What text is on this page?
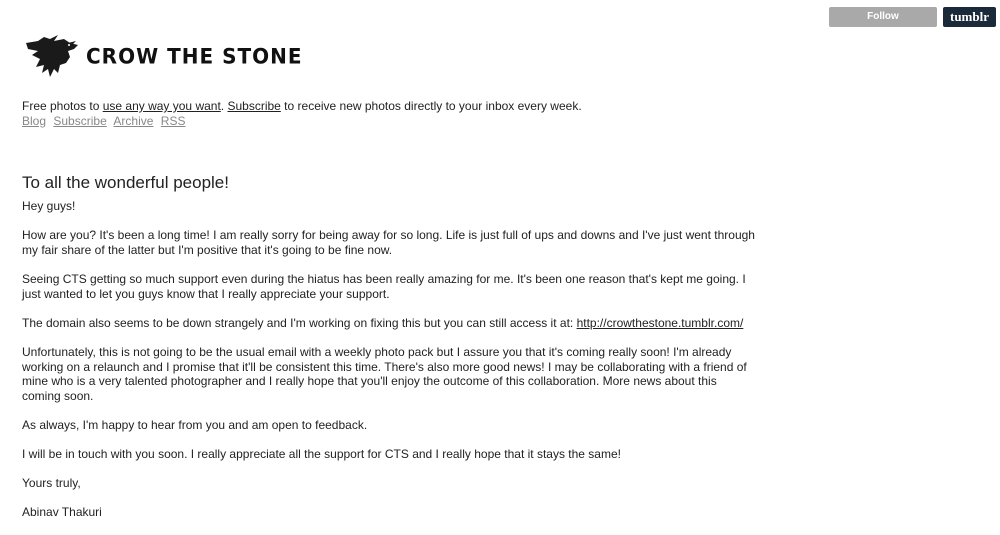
Follow crowthestone
tumblr
CROW THE STONE
Free photos to use any way you want. Subscribe to receive new photos directly to your inbox every week.
Blog Subscribe Archive RSS
To all the wonderful people!

Hey guys!

How are you? It's been a long time! I am really sorry for being away for so long. Life is just full of ups and downs and I've just went through my fair share of the latter but I'm positive that it's going to be fine now.

Seeing CTS getting so much support even during the hiatus has been really amazing for me. It's been one reason that's kept me going. I just wanted to let you guys know that I really appreciate your support.

The domain also seems to be down strangely and I'm working on fixing this but you can still access it at: http://crowthestone.tumblr.com/

Unfortunately, this is not going to be the usual email with a weekly photo pack but I assure you that it's coming really soon! I'm already working on a relaunch and I promise that it'll be consistent this time. There's also more good news! I may be collaborating with a friend of mine who is a very talented photographer and I really hope that you'll enjoy the outcome of this collaboration. More news about this coming soon.

As always, I'm happy to hear from you and am open to feedback.

I will be in touch with you soon. I really appreciate all the support for CTS and I really hope that it stays the same!

Yours truly,

Abinav Thakuri
